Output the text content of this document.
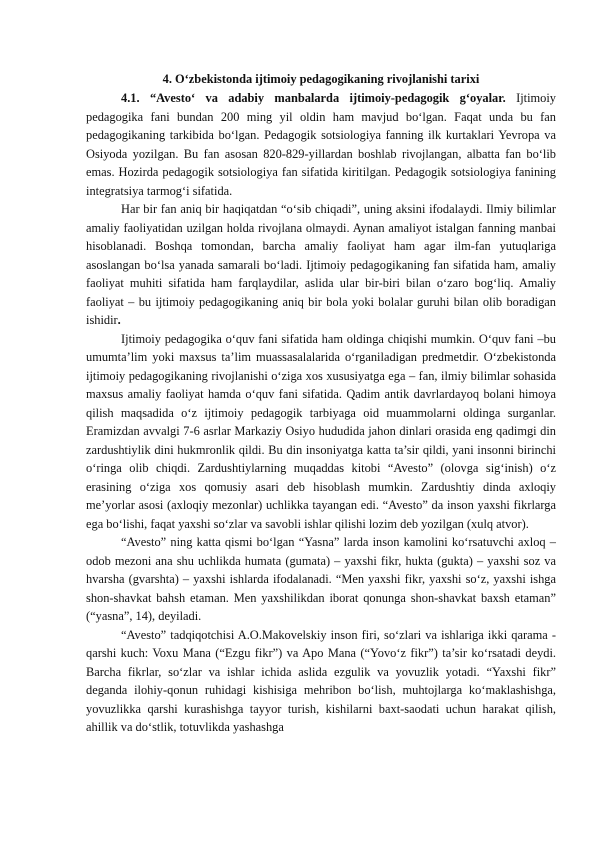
4. O‘zbekistonda ijtimoiy pedagogikaning rivojlanishi tarixi

4.1. “Avesto‘ va adabiy manbalarda ijtimoiy-pedagogik g‘oyalar. Ijtimoiy pedagogika fani bundan 200 ming yil oldin ham mavjud bo‘lgan. Faqat unda bu fan pedagogikaning tarkibida bo‘lgan. Pedagogik sotsiologiya fanning ilk kurtaklari Yevropa va Osiyoda yozilgan. Bu fan asosan 820-829-yillardan boshlab rivojlangan, albatta fan bo‘lib emas. Hozirda pedagogik sotsiologiya fan sifatida kiritilgan. Pedagogik sotsiologiya fanining integratsiya tarmog‘i sifatida.

Har bir fan aniq bir haqiqatdan “o‘sib chiqadi”, uning aksini ifodalaydi. Ilmiy bilimlar amaliy faoliyatidan uzilgan holda rivojlana olmaydi. Aynan amaliyot istalgan fanning manbai hisoblanadi. Boshqa tomondan, barcha amaliy faoliyat ham agar ilm-fan yutuqlariga asoslangan bo‘lsa yanada samarali bo‘ladi. Ijtimoiy pedagogikaning fan sifatida ham, amaliy faoliyat muhiti sifatida ham farqlaydilar, aslida ular bir-biri bilan o‘zaro bog‘liq. Amaliy faoliyat – bu ijtimoiy pedagogikaning aniq bir bola yoki bolalar guruhi bilan olib boradigan ishidir.

Ijtimoiy pedagogika o‘quv fani sifatida ham oldinga chiqishi mumkin. O‘quv fani –bu umumta’lim yoki maxsus ta’lim muassasalalarida o‘rganiladigan predmetdir. O‘zbekistonda ijtimoiy pedagogikaning rivojlanishi o‘ziga xos xususiyatga ega – fan, ilmiy bilimlar sohasida maxsus amaliy faoliyat hamda o‘quv fani sifatida. Qadim antik davrlardayoq bolani himoya qilish maqsadida o‘z ijtimoiy pedagogik tarbiyaga oid muammolarni oldinga surganlar. Eramizdan avvalgi 7-6 asrlar Markaziy Osiyo hududida jahon dinlari orasida eng qadimgi din zardushtiylik dini hukmronlik qildi. Bu din insoniyatga katta ta’sir qildi, yani insonni birinchi o‘ringa olib chiqdi. Zardushtiylarning muqaddas kitobi “Avesto” (olovga sig‘inish) o‘z erasining o‘ziga xos qomusiy asari deb hisoblash mumkin. Zardushtiy dinda axloqiy me’yorlar asosi (axloqiy mezonlar) uchlikka tayangan edi. “Avesto” da inson yaxshi fikrlarga ega bo‘lishi, faqat yaxshi so‘zlar va savobli ishlar qilishi lozim deb yozilgan (xulq atvor).

“Avesto” ning katta qismi bo‘lgan “Yasna” larda inson kamolini ko‘rsatuvchi axloq – odob mezoni ana shu uchlikda humata (gumata) – yaxshi fikr, hukta (gukta) – yaxshi soz va hvarsha (gvarshta) – yaxshi ishlarda ifodalanadi. “Men yaxshi fikr, yaxshi so‘z, yaxshi ishga shon-shavkat bahsh etaman. Men yaxshilikdan iborat qonunga shon-shavkat baxsh etaman” (“yasna”, 14), deyiladi.

“Avesto” tadqiqotchisi A.O.Makovelskiy inson firi, so‘zlari va ishlariga ikki qarama -qarshi kuch: Voxu Mana (“Ezgu fikr”) va Apo Mana (“Yovo‘z fikr”) ta’sir ko‘rsatadi deydi. Barcha fikrlar, so‘zlar va ishlar ichida aslida ezgulik va yovuzlik yotadi. “Yaxshi fikr” deganda ilohiy-qonun ruhidagi kishisiga mehribon bo‘lish, muhtojlarga ko‘maklashishga, yovuzlikka qarshi kurashishga tayyor turish, kishilarni baxt-saodati uchun harakat qilish, ahillik va do‘stlik, totuvlikda yashashga
